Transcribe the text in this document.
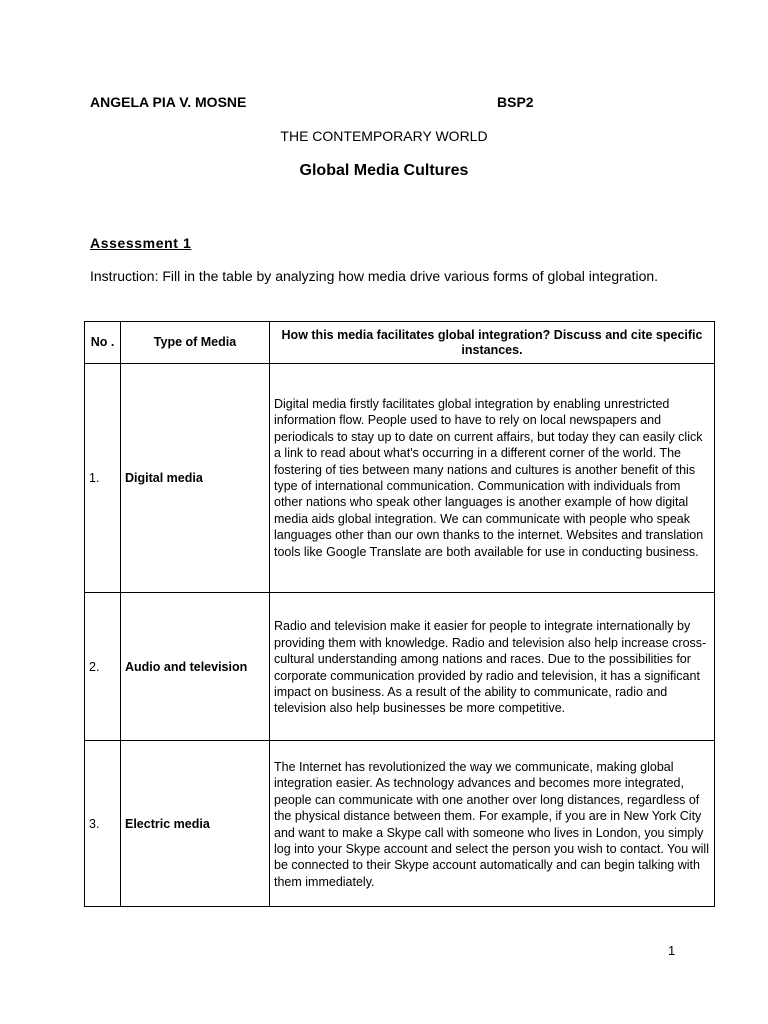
ANGELA PIA V. MOSNE	BSP2
THE CONTEMPORARY WORLD
Global Media Cultures
Assessment 1
Instruction: Fill in the table by analyzing how media drive various forms of global integration.
No .	Type of Media	How this media facilitates global integration? Discuss and cite specific instances.
1.	Digital media	Digital media firstly facilitates global integration by enabling unrestricted information flow. People used to have to rely on local newspapers and periodicals to stay up to date on current affairs, but today they can easily click a link to read about what's occurring in a different corner of the world. The fostering of ties between many nations and cultures is another benefit of this type of international communication. Communication with individuals from other nations who speak other languages is another example of how digital media aids global integration. We can communicate with people who speak languages other than our own thanks to the internet. Websites and translation tools like Google Translate are both available for use in conducting business.
2.	Audio and television	Radio and television make it easier for people to integrate internationally by providing them with knowledge. Radio and television also help increase cross-cultural understanding among nations and races. Due to the possibilities for corporate communication provided by radio and television, it has a significant impact on business. As a result of the ability to communicate, radio and television also help businesses be more competitive.
3.	Electric media	The Internet has revolutionized the way we communicate, making global integration easier. As technology advances and becomes more integrated, people can communicate with one another over long distances, regardless of the physical distance between them. For example, if you are in New York City and want to make a Skype call with someone who lives in London, you simply log into your Skype account and select the person you wish to contact. You will be connected to their Skype account automatically and can begin talking with them immediately.
1
